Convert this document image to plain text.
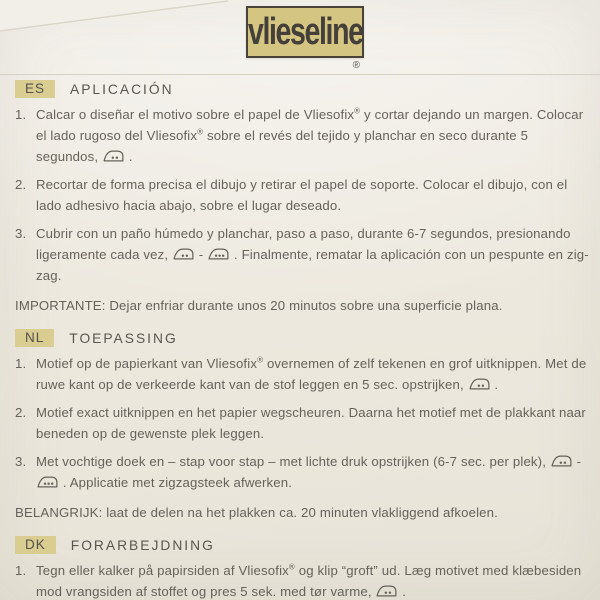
vlieseline
®
ES	APLICACIÓN
1. Calcar o diseñar el motivo sobre el papel de Vliesofix® y cortar dejando un margen. Colocar el lado rugoso del Vliesofix® sobre el revés del tejido y planchar en seco durante 5 segundos,  .
2. Recortar de forma precisa el dibujo y retirar el papel de soporte. Colocar el dibujo, con el lado adhesivo hacia abajo, sobre el lugar deseado.
3. Cubrir con un paño húmedo y planchar, paso a paso, durante 6-7 segundos, presionando ligeramente cada vez,  -  . Finalmente, rematar la aplicación con un pespunte en zig-zag.

IMPORTANTE: Dejar enfriar durante unos 20 minutos sobre una superficie plana.

NL	TOEPASSING
1. Motief op de papierkant van Vliesofix® overnemen of zelf tekenen en grof uitknippen. Met de ruwe kant op de verkeerde kant van de stof leggen en 5 sec. opstrijken,  .
2. Motief exact uitknippen en het papier wegscheuren. Daarna het motief met de plakkant naar beneden op de gewenste plek leggen.
3. Met vochtige doek en – stap voor stap – met lichte druk opstrijken (6-7 sec. per plek),  -  . Applicatie met zigzagsteek afwerken.

BELANGRIJK: laat de delen na het plakken ca. 20 minuten vlakliggend afkoelen.

DK	FORARBEJDNING
1. Tegn eller kalker på papirsiden af Vliesofix® og klip “groft” ud. Læg motivet med klæbesiden mod vrangsiden af stoffet og pres 5 sek. med tør varme,  .
